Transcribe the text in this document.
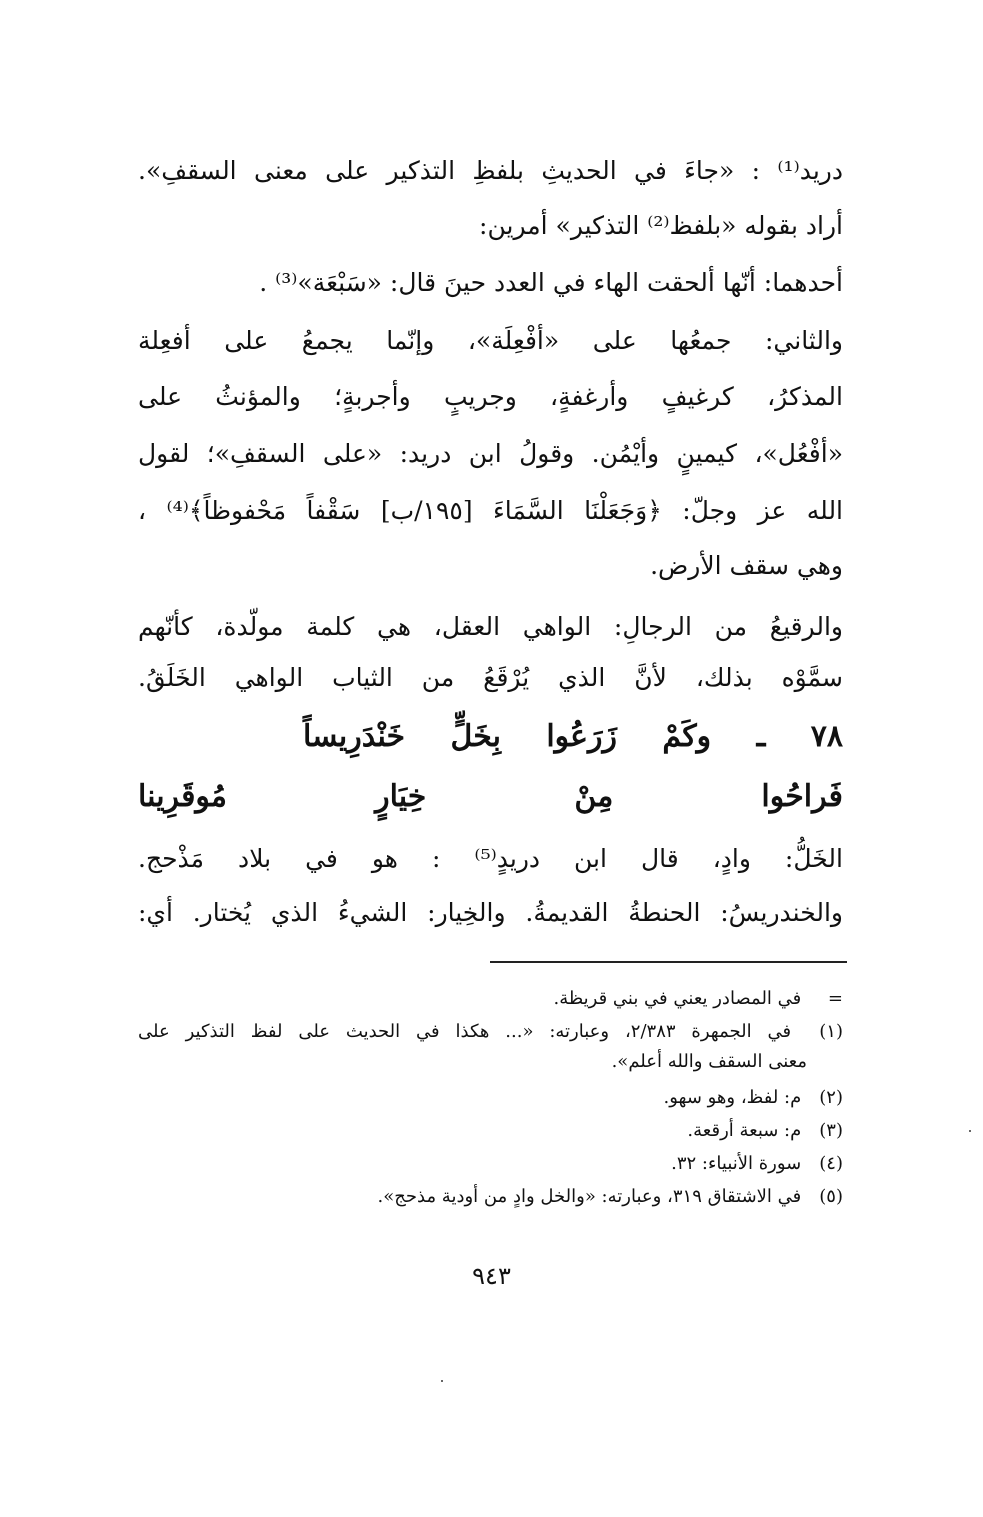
دريد⁽¹⁾ : «جاءَ في الحديثِ بلفظِ التذكير على معنى السقفِ».
أراد بقوله «بلفظ⁽²⁾ التذكير» أمرين:
أحدهما: أنّها ألحقت الهاء في العدد حينَ قال: «سَبْعَة»⁽³⁾ .
والثاني: جمعُها على «أفْعِلَة»، وإنّما يجمعُ على أفعِلة
المذكرُ، كرغيفٍ وأرغفةٍ، وجريبٍ وأجربةٍ؛ والمؤنثُ على
«أفْعُل»، كيمينٍ وأيْمُن. وقولُ ابن دريد: «على السقفِ»؛ لقول
الله عز وجلّ: ﴿وَجَعَلْنَا السَّمَاءَ [١٩٥/ب] سَقْفاً مَحْفوظاً﴾⁽⁴⁾ ،
وهي سقف الأرض.
والرقيعُ من الرجالِ: الواهي العقل، هي كلمة مولّدة، كأنّهم
سمَّوْه بذلك، لأنَّ الذي يُرْقَعُ من الثياب الواهي الخَلَقُ.
٧٨ ـ وكَمْ زَرَعُوا بِخَلٍّ خَنْدَرِيساً
فَراحُوا مِنْ خِيَارٍ مُوقَرِينا
الخَلُّ: وادٍ، قال ابن دريدٍ⁽⁵⁾ : هو في بلاد مَذْحج.
والخندريسُ: الحنطةُ القديمةُ. والخِيار: الشيءُ الذي يُختار. أي:
= في المصادر يعني في بني قريظة.
(١) في الجمهرة ٢/٣٨٣، وعبارته: «... هكذا في الحديث على لفظ التذكير على
معنى السقف والله أعلم».
(٢) م: لفظ، وهو سهو.
(٣) م: سبعة أرقعة.
(٤) سورة الأنبياء: ٣٢.
(٥) في الاشتقاق ٣١٩، وعبارته: «والخل وادٍ من أودية مذحج».
٩٤٣
